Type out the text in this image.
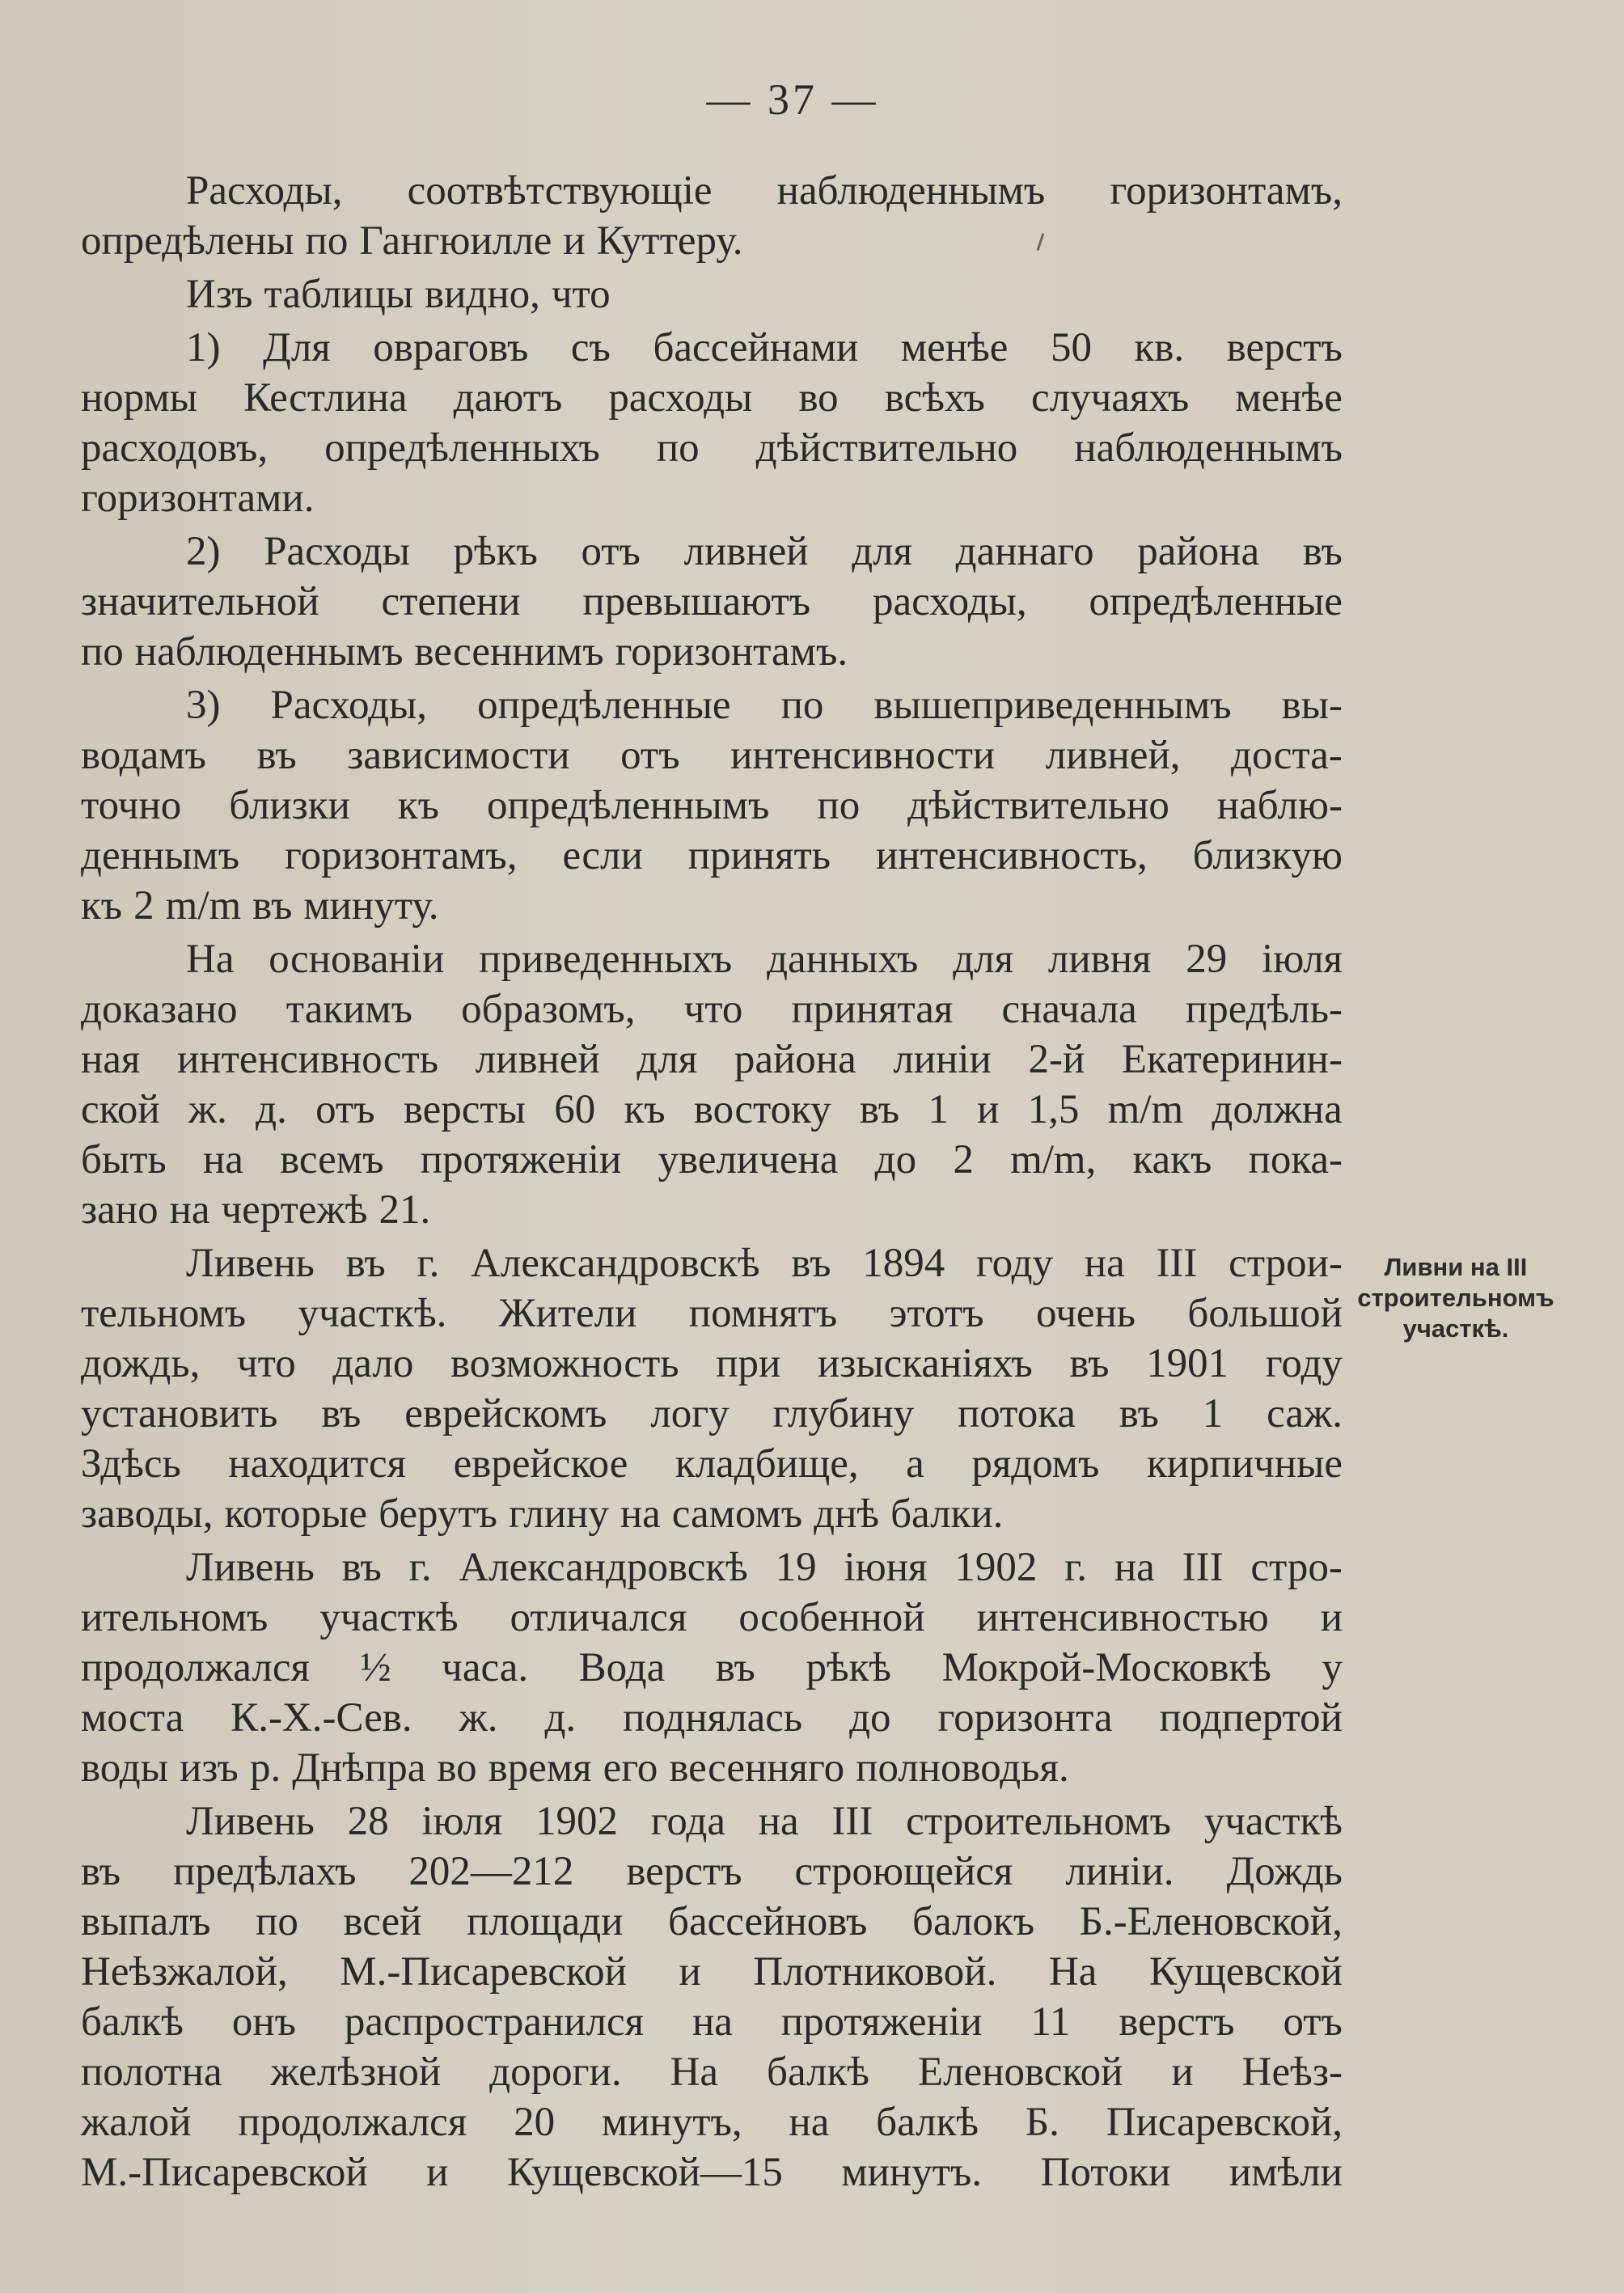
— 37 —
Расходы, соотвѣтствующiе наблюденнымъ горизонтамъ,
опредѣлены по Гангюилле и Куттеру.
Изъ таблицы видно, что
1) Для овраговъ съ бассейнами менѣе 50 кв. верстъ
нормы Кестлина даютъ расходы во всѣхъ случаяхъ менѣе
расходовъ, опредѣленныхъ по дѣйствительно наблюденнымъ
горизонтами.
2) Расходы рѣкъ отъ ливней для даннаго района въ
значительной степени превышаютъ расходы, опредѣленные
по наблюденнымъ весеннимъ горизонтамъ.
3) Расходы, опредѣленные по вышеприведеннымъ вы-
водамъ въ зависимости отъ интенсивности ливней, доста-
точно близки къ опредѣленнымъ по дѣйствительно наблю-
деннымъ горизонтамъ, если принять интенсивность, близкую
къ 2 m/m въ минуту.
На основанiи приведенныхъ данныхъ для ливня 29 iюля
доказано такимъ образомъ, что принятая сначала предѣль-
ная интенсивность ливней для района линiи 2-й Екатеринин-
ской ж. д. отъ версты 60 къ востоку въ 1 и 1,5 m/m должна
быть на всемъ протяженiи увеличена до 2 m/m, какъ пока-
зано на чертежѣ 21.
Ливень въ г. Александровскѣ въ 1894 году на III строи-
тельномъ участкѣ. Жители помнятъ этотъ очень большой
дождь, что дало возможность при изысканiяхъ въ 1901 году
установить въ еврейскомъ логу глубину потока въ 1 саж.
Здѣсь находится еврейское кладбище, а рядомъ кирпичные
заводы, которые берутъ глину на самомъ днѣ балки.
Ливень въ г. Александровскѣ 19 iюня 1902 г. на III стро-
ительномъ участкѣ отличался особенной интенсивностью и
продолжался ½ часа. Вода въ рѣкѣ Мокрой-Московкѣ у
моста К.-Х.-Сев. ж. д. поднялась до горизонта подпертой
воды изъ р. Днѣпра во время его весенняго полноводья.
Ливень 28 iюля 1902 года на III строительномъ участкѣ
въ предѣлахъ 202—212 верстъ строющейся линiи. Дождь
выпалъ по всей площади бассейновъ балокъ Б.-Еленовской,
Неѣзжалой, М.-Писаревской и Плотниковой. На Кущевской
балкѣ онъ распространился на протяженiи 11 верстъ отъ
полотна желѣзной дороги. На балкѣ Еленовской и Неѣз-
жалой продолжался 20 минутъ, на балкѣ Б. Писаревской,
М.-Писаревской и Кущевской—15 минутъ. Потоки имѣли
Ливни на III
строительномъ
участкѣ.
